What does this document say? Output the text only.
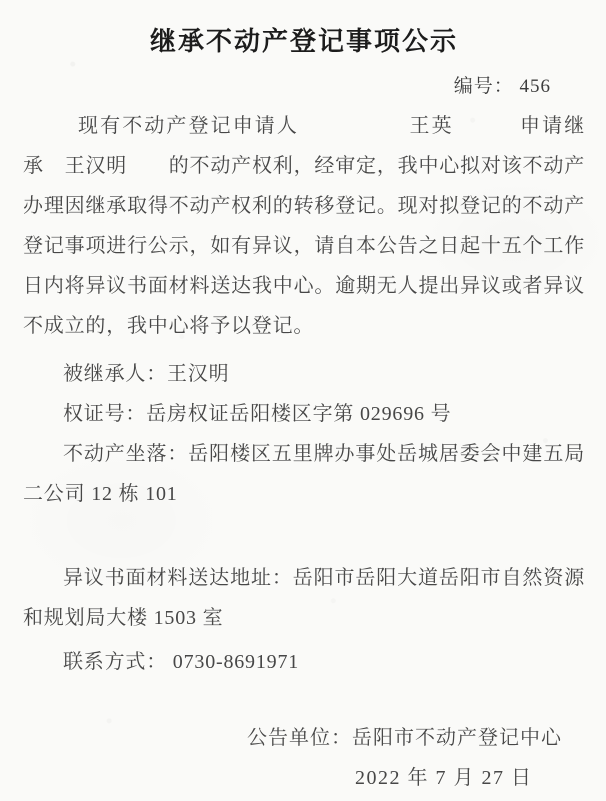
继承不动产登记事项公示
编号： 456
现有不动产登记申请人　　　　　王英　　　申请继
承　王汉明　　的不动产权利，经审定，我中心拟对该不动产
办理因继承取得不动产权利的转移登记。现对拟登记的不动产
登记事项进行公示，如有异议，请自本公告之日起十五个工作
日内将异议书面材料送达我中心。逾期无人提出异议或者异议
不成立的，我中心将予以登记。
被继承人：王汉明
权证号：岳房权证岳阳楼区字第 029696 号
不动产坐落：岳阳楼区五里牌办事处岳城居委会中建五局
二公司 12 栋 101
异议书面材料送达地址：岳阳市岳阳大道岳阳市自然资源
和规划局大楼 1503 室
联系方式： 0730-8691971
公告单位：岳阳市不动产登记中心
2022 年 7 月 27 日
